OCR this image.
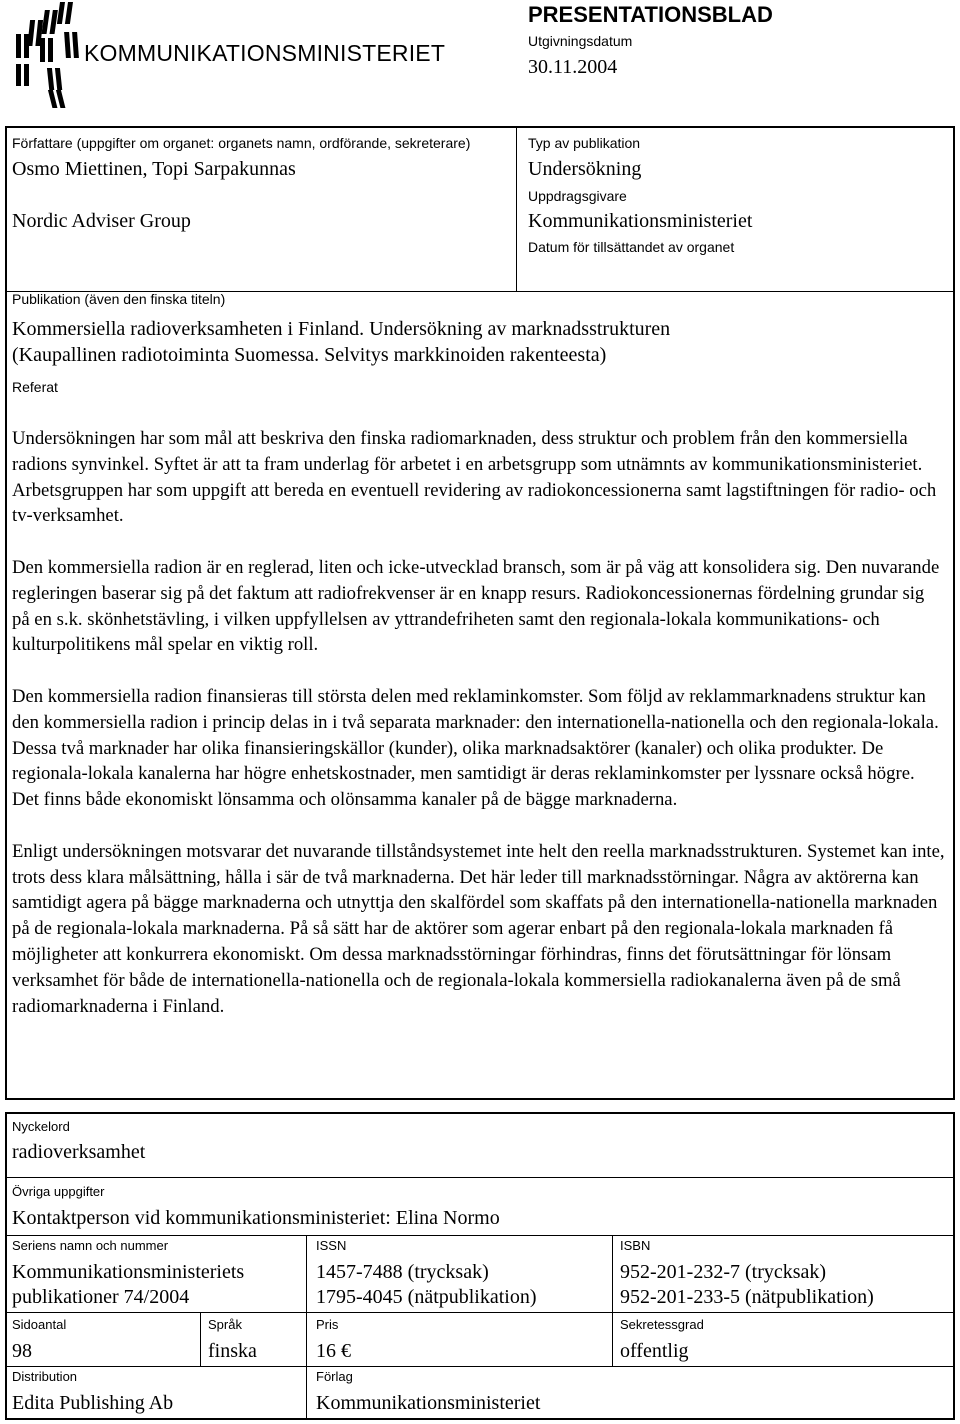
KOMMUNIKATIONSMINISTERIET
PRESENTATIONSBLAD
Utgivningsdatum
30.11.2004
Författare (uppgifter om organet: organets namn, ordförande, sekreterare)
Osmo Miettinen, Topi Sarpakunnas
Nordic Adviser Group
Typ av publikation
Undersökning
Uppdragsgivare
Kommunikationsministeriet
Datum för tillsättandet av organet
Publikation (även den finska titeln)
Kommersiella radioverksamheten i Finland. Undersökning av marknadsstrukturen
(Kaupallinen radiotoiminta Suomessa. Selvitys markkinoiden rakenteesta)
Referat

Undersökningen har som mål att beskriva den finska radiomarknaden, dess struktur och problem från den kommersiella radions synvinkel. Syftet är att ta fram underlag för arbetet i en arbetsgrupp som utnämnts av kommunikationsministeriet. Arbetsgruppen har som uppgift att bereda en eventuell revidering av radiokoncessionerna samt lagstiftningen för radio- och tv-verksamhet.

Den kommersiella radion är en reglerad, liten och icke-utvecklad bransch, som är på väg att konsolidera sig. Den nuvarande regleringen baserar sig på det faktum att radiofrekvenser är en knapp resurs. Radiokoncessionernas fördelning grundar sig på en s.k. skönhetstävling, i vilken uppfyllelsen av yttrandefriheten samt den regionala-lokala kommunikations- och kulturpolitikens mål spelar en viktig roll.

Den kommersiella radion finansieras till största delen med reklaminkomster. Som följd av reklammarknadens struktur kan den kommersiella radion i princip delas in i två separata marknader: den internationella-nationella och den regionala-lokala. Dessa två marknader har olika finansieringskällor (kunder), olika marknadsaktörer (kanaler) och olika produkter. De regionala-lokala kanalerna har högre enhetskostnader, men samtidigt är deras reklaminkomster per lyssnare också högre. Det finns både ekonomiskt lönsamma och olönsamma kanaler på de bägge marknaderna.

Enligt undersökningen motsvarar det nuvarande tillståndsystemet inte helt den reella marknadsstrukturen. Systemet kan inte, trots dess klara målsättning, hålla i sär de två marknaderna. Det här leder till marknadsstörningar. Några av aktörerna kan samtidigt agera på bägge marknaderna och utnyttja den skalfördel som skaffats på den internationella-nationella marknaden på de regionala-lokala marknaderna. På så sätt har de aktörer som agerar enbart på den regionala-lokala marknaden få möjligheter att konkurrera ekonomiskt. Om dessa marknadsstörningar förhindras, finns det förutsättningar för lönsam verksamhet för både de internationella-nationella och de regionala-lokala kommersiella radiokanalerna även på de små radiomarknaderna i Finland.

Nyckelord
radioverksamhet
Övriga uppgifter
Kontaktperson vid kommunikationsministeriet: Elina Normo
Seriens namn och nummer
Kommunikationsministeriets
publikationer 74/2004
ISSN
1457-7488 (trycksak)
1795-4045 (nätpublikation)
ISBN
952-201-232-7 (trycksak)
952-201-233-5 (nätpublikation)
Sidoantal
98
Språk
finska
Pris
16 €
Sekretessgrad
offentlig
Distribution
Edita Publishing Ab
Förlag
Kommunikationsministeriet
